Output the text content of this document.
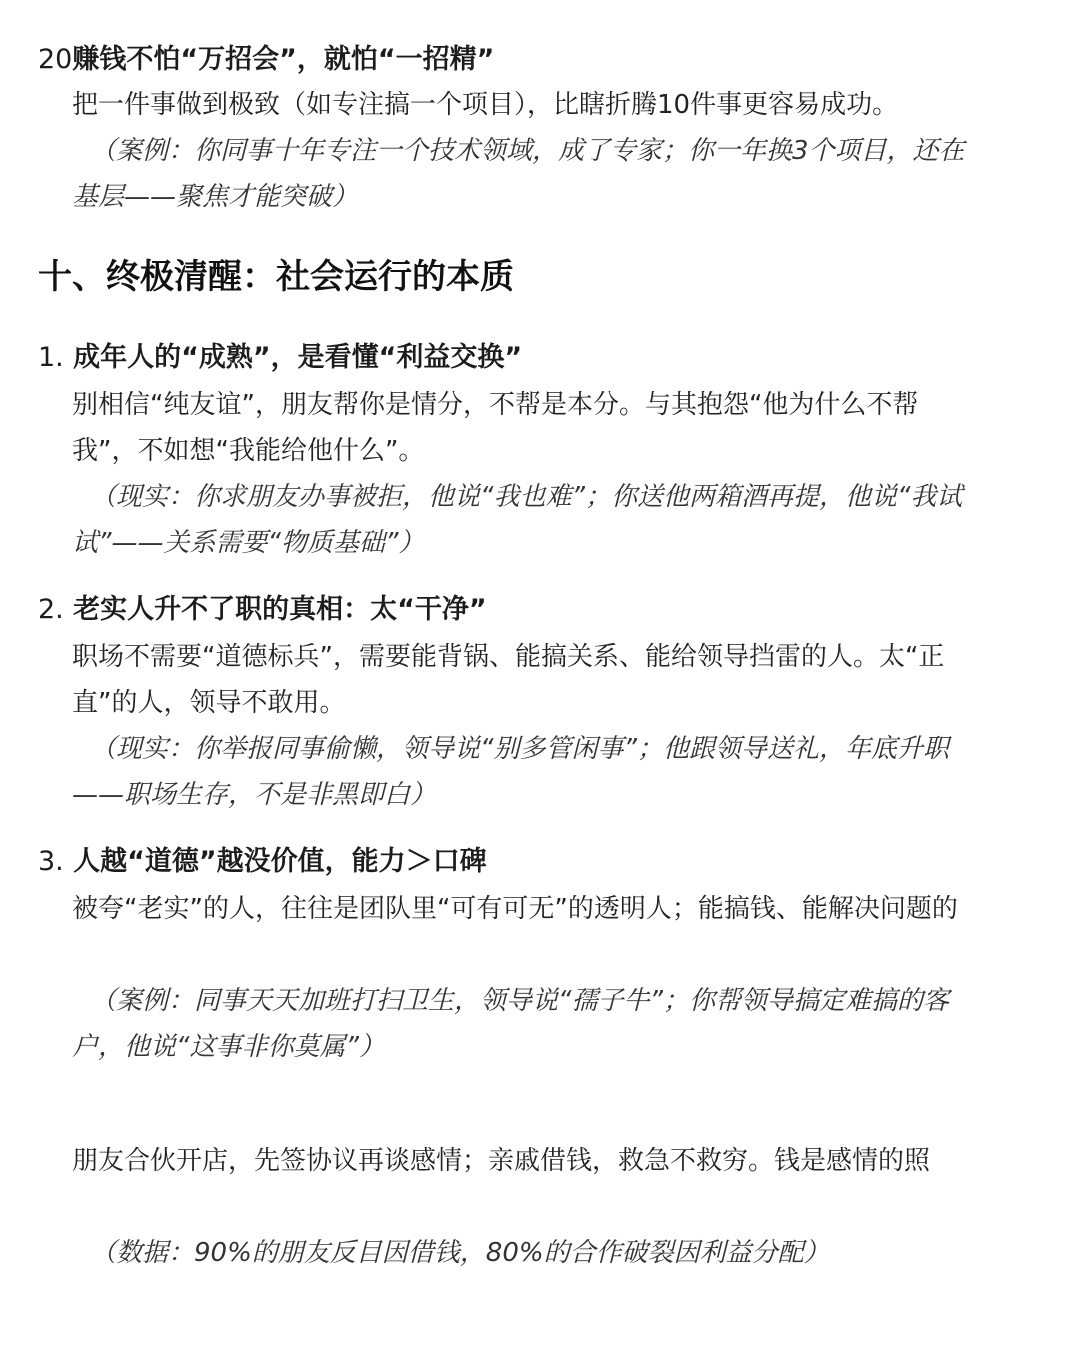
20赚钱不怕“万招会”，就怕“一招精”

把一件事做到极致（如专注搞一个项目），比瞎折腾10件事更容易成功。

（案例：你同事十年专注一个技术领域，成了专家；你一年换3个项目，还在

基层——聚焦才能突破）

十、终极清醒：社会运行的本质
1. 成年人的“成熟”，是看懂“利益交换”

别相信“纯友谊”，朋友帮你是情分，不帮是本分。与其抱怨“他为什么不帮

我”，不如想“我能给他什么”。

（现实：你求朋友办事被拒，他说“我也难”；你送他两箱酒再提，他说“我试

试”——关系需要“物质基础”）

2. 老实人升不了职的真相：太“干净”

职场不需要“道德标兵”，需要能背锅、能搞关系、能给领导挡雷的人。太“正

直”的人，领导不敢用。

（现实：你举报同事偷懒，领导说“别多管闲事”；他跟领导送礼，年底升职

——职场生存，不是非黑即白）

3. 人越“道德”越没价值，能力＞口碑

被夸“老实”的人，往往是团队里“可有可无”的透明人；能搞钱、能解决问题的

（案例：同事天天加班打扫卫生，领导说“孺子牛”；你帮领导搞定难搞的客

户，他说“这事非你莫属”）

朋友合伙开店，先签协议再谈感情；亲戚借钱，救急不救穷。钱是感情的照

（数据：90%的朋友反目因借钱，80%的合作破裂因利益分配）
